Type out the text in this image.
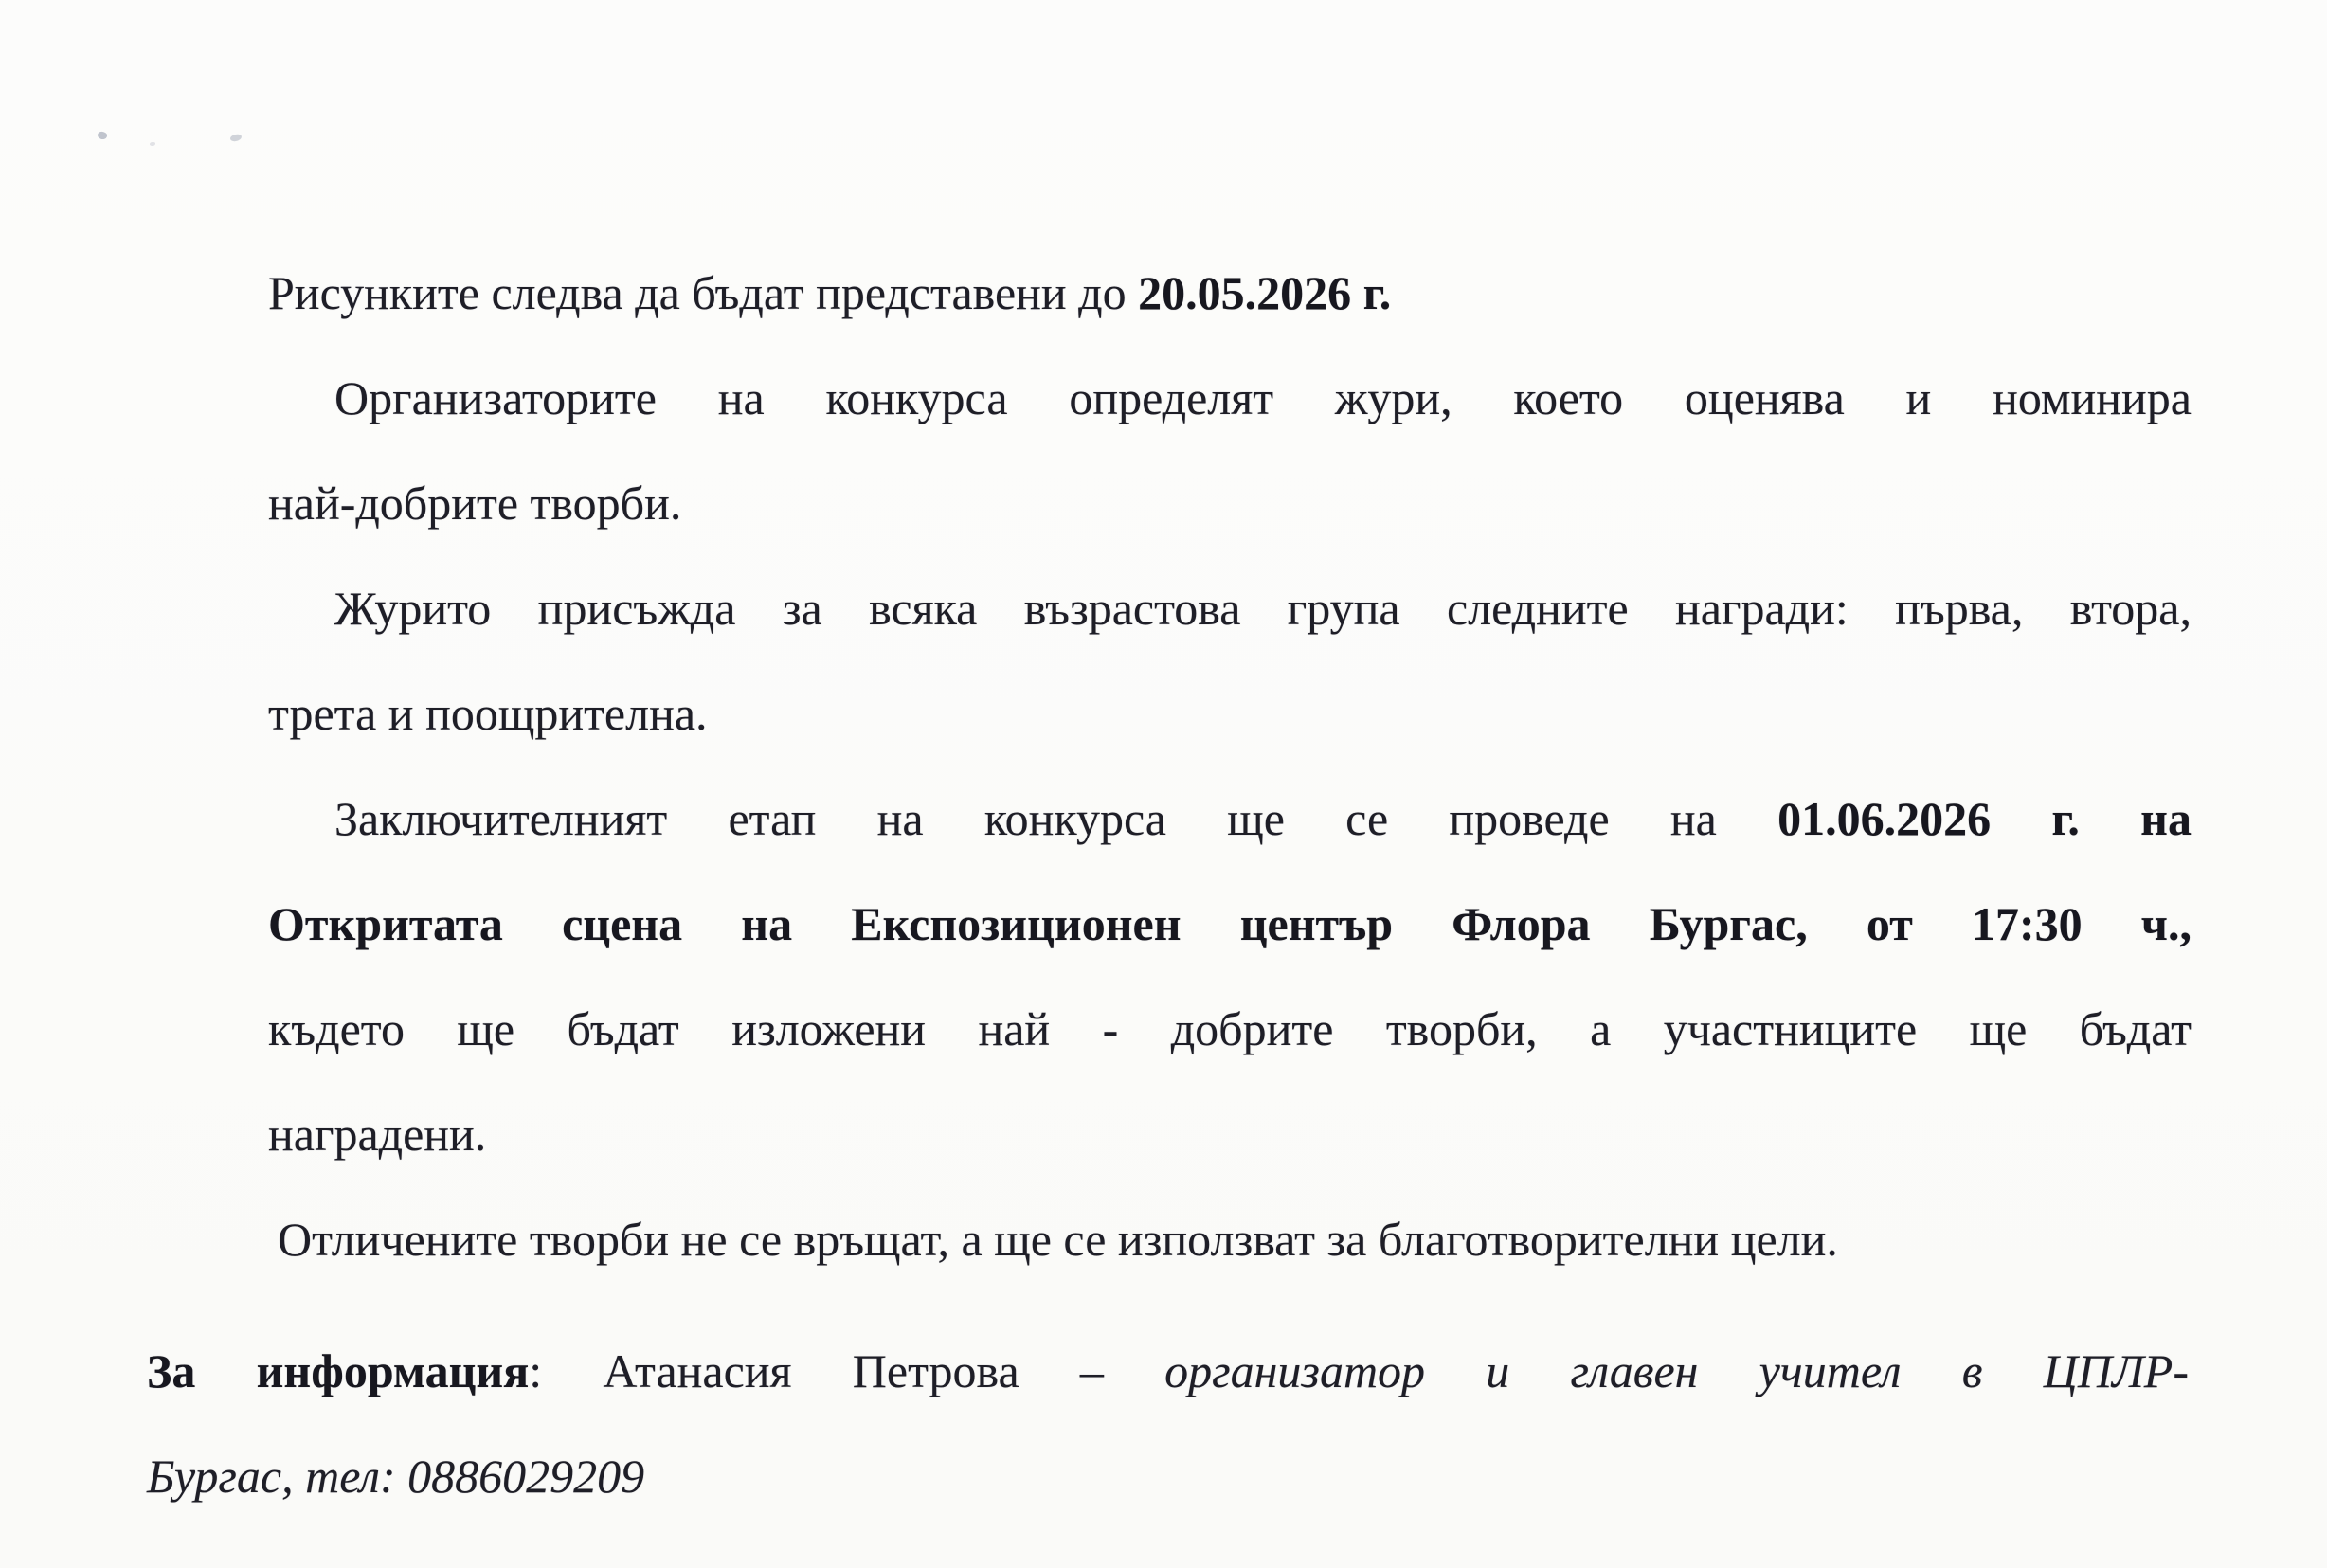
Рисунките следва да бъдат представени до 20.05.2026 г.
Организаторите на конкурса определят жури, което оценява и номинира
най-добрите творби.
Журито присъжда за всяка възрастова група следните награди: първа, втора,
трета и поощрителна.
Заключителният етап на конкурса ще се проведе на 01.06.2026 г. на
Откритата сцена на Експозиционен център Флора Бургас, от 17:30 ч.,
където ще бъдат изложени най - добрите творби, а участниците ще бъдат
наградени.
Отличените творби не се връщат, а ще се използват за благотворителни цели.
За информация: Атанасия Петрова – организатор и главен учител в ЦПЛР-
Бургас, тел: 0886029209
